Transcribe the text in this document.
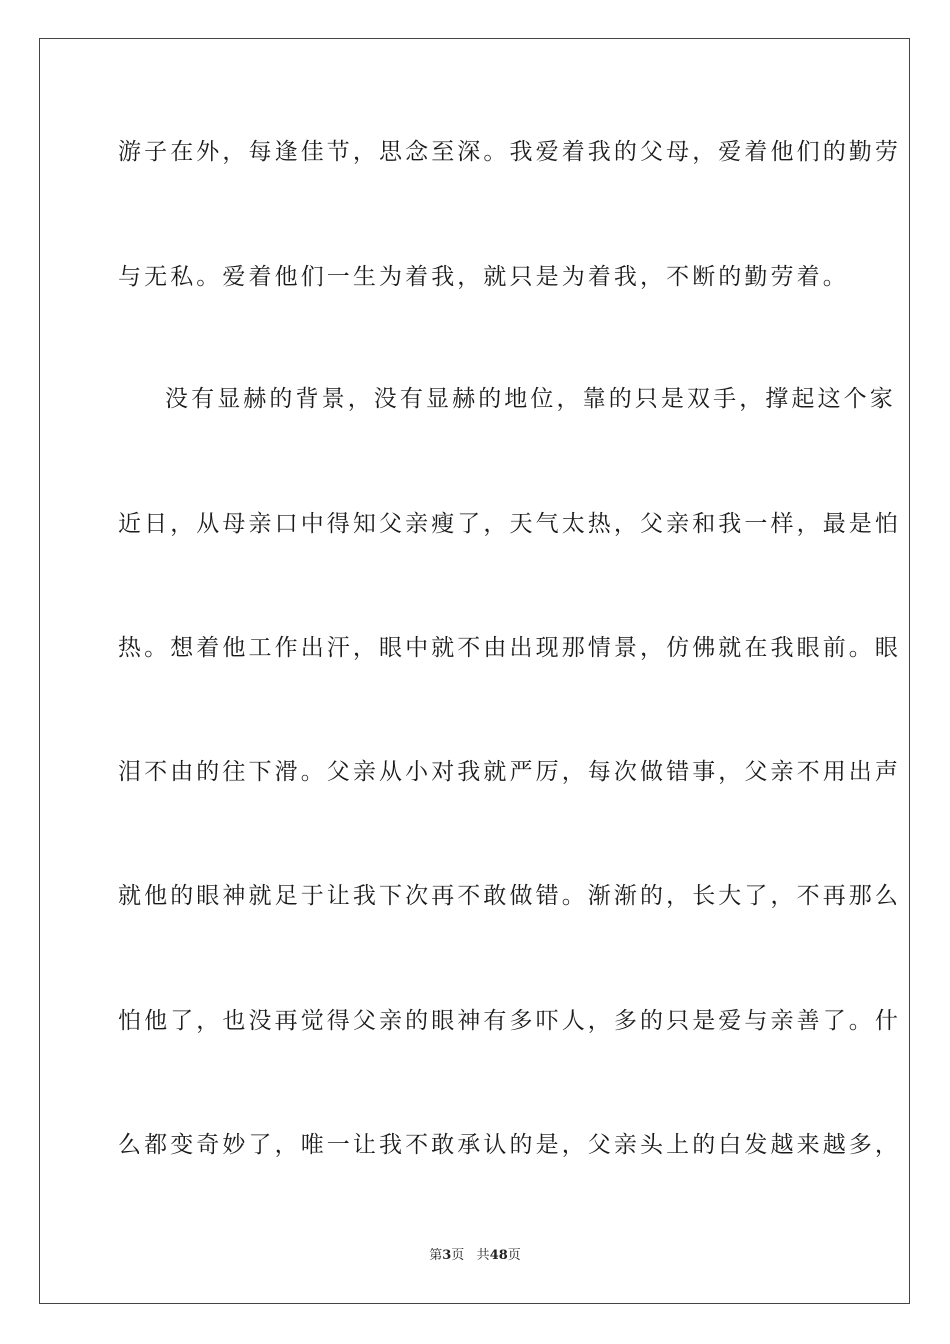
游子在外，每逢佳节，思念至深。我爱着我的父母，爱着他们的勤劳
与无私。爱着他们一生为着我，就只是为着我，不断的勤劳着。
没有显赫的背景，没有显赫的地位，靠的只是双手，撑起这个家
近日，从母亲口中得知父亲瘦了，天气太热，父亲和我一样，最是怕
热。想着他工作出汗，眼中就不由出现那情景，仿佛就在我眼前。眼
泪不由的往下滑。父亲从小对我就严厉，每次做错事，父亲不用出声
就他的眼神就足于让我下次再不敢做错。渐渐的，长大了，不再那么
怕他了，也没再觉得父亲的眼神有多吓人，多的只是爱与亲善了。什
么都变奇妙了，唯一让我不敢承认的是，父亲头上的白发越来越多，
第3页 共48页
